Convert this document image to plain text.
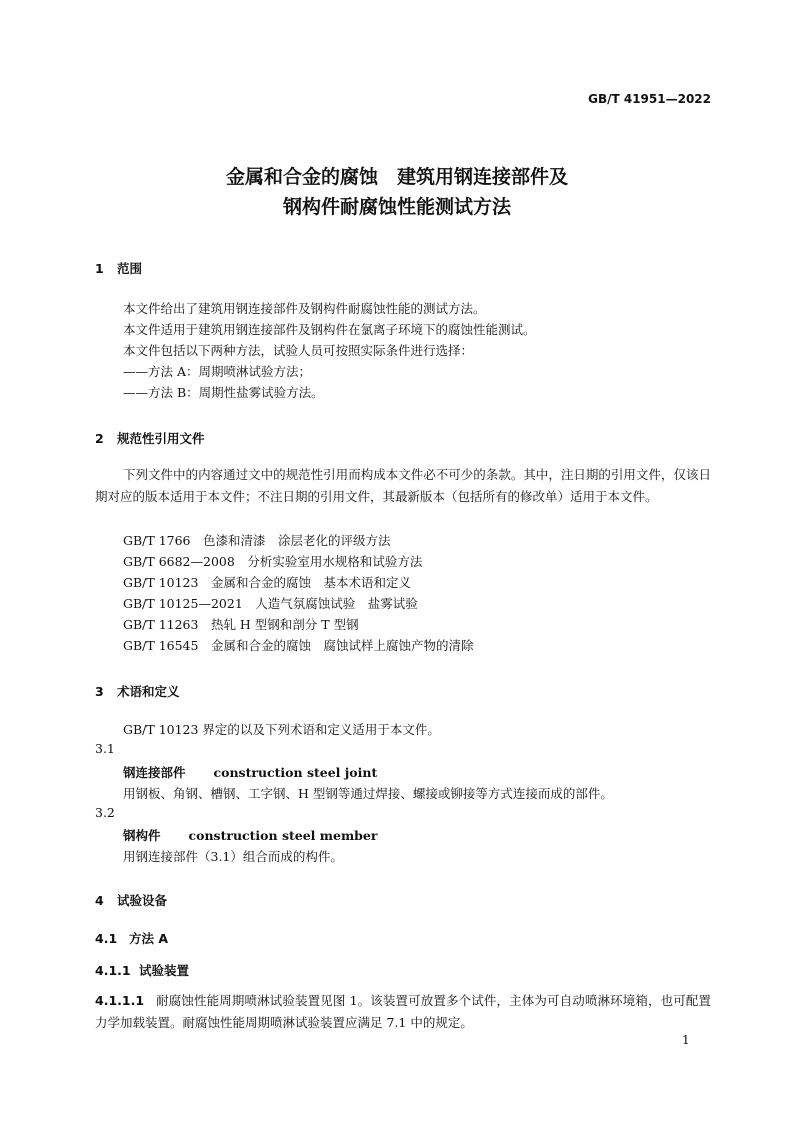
GB/T 41951—2022
金属和合金的腐蚀　建筑用钢连接部件及
钢构件耐腐蚀性能测试方法
1 范围
本文件给出了建筑用钢连接部件及钢构件耐腐蚀性能的测试方法。
本文件适用于建筑用钢连接部件及钢构件在氯离子环境下的腐蚀性能测试。
本文件包括以下两种方法，试验人员可按照实际条件进行选择：
——方法 A：周期喷淋试验方法；
——方法 B：周期性盐雾试验方法。
2 规范性引用文件
下列文件中的内容通过文中的规范性引用而构成本文件必不可少的条款。其中，注日期的引用文件，仅该日期对应的版本适用于本文件；不注日期的引用文件，其最新版本（包括所有的修改单）适用于本文件。
GB/T 1766　色漆和清漆　涂层老化的评级方法
GB/T 6682—2008　分析实验室用水规格和试验方法
GB/T 10123　金属和合金的腐蚀　基本术语和定义
GB/T 10125—2021　人造气氛腐蚀试验　盐雾试验
GB/T 11263　热轧 H 型钢和剖分 T 型钢
GB/T 16545　金属和合金的腐蚀　腐蚀试样上腐蚀产物的清除
3 术语和定义
GB/T 10123 界定的以及下列术语和定义适用于本文件。
3.1
钢连接部件 construction steel joint
用钢板、角钢、槽钢、工字钢、H 型钢等通过焊接、螺接或铆接等方式连接而成的部件。
3.2
钢构件 construction steel member
用钢连接部件（3.1）组合而成的构件。
4 试验设备
4.1 方法 A
4.1.1 试验装置
4.1.1.1 耐腐蚀性能周期喷淋试验装置见图 1。该装置可放置多个试件，主体为可自动喷淋环境箱，也可配置力学加载装置。耐腐蚀性能周期喷淋试验装置应满足 7.1 中的规定。
1
